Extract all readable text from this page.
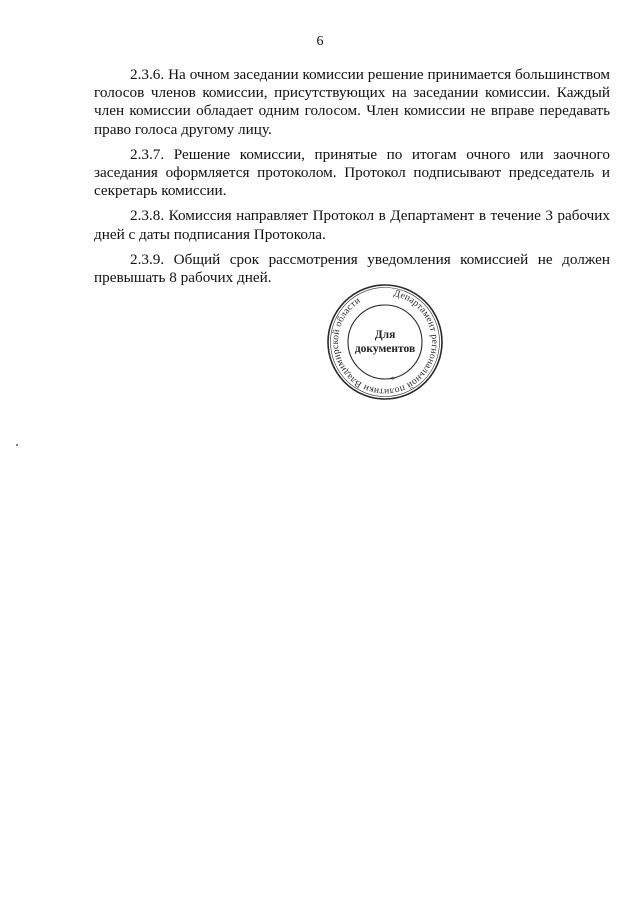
6

2.3.6. На очном заседании комиссии решение принимается большинством голосов членов комиссии, присутствующих на заседании комиссии. Каждый член комиссии обладает одним голосом. Член комиссии не вправе передавать право голоса другому лицу.

2.3.7. Решение комиссии, принятые по итогам очного или заочного заседания оформляется протоколом. Протокол подписывают председатель и секретарь комиссии.

2.3.8. Комиссия направляет Протокол в Департамент в течение 3 рабочих дней с даты подписания Протокола.

2.3.9. Общий срок рассмотрения уведомления комиссией не должен превышать 8 рабочих дней.

Департамент региональной политики Владимирской области
*
Для
документов
